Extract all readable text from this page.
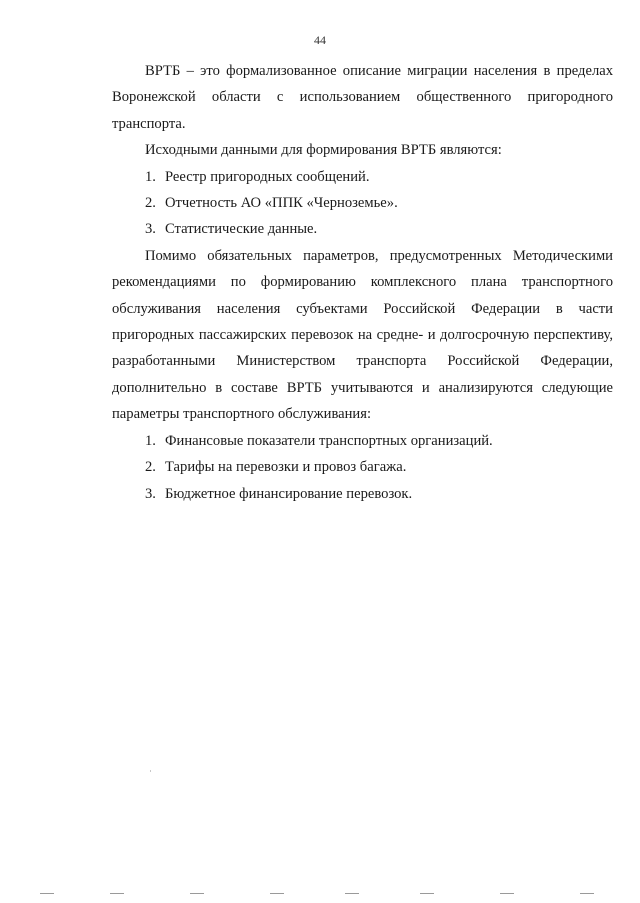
44

ВРТБ – это формализованное описание миграции населения в пределах Воронежской области с использованием общественного пригородного транспорта.

Исходными данными для формирования ВРТБ являются:

1. Реестр пригородных сообщений.
2. Отчетность АО «ППК «Черноземье».
3. Статистические данные.

Помимо обязательных параметров, предусмотренных Методическими рекомендациями по формированию комплексного плана транспортного обслуживания населения субъектами Российской Федерации в части пригородных пассажирских перевозок на средне- и долгосрочную перспективу, разработанными Министерством транспорта Российской Федерации, дополнительно в составе ВРТБ учитываются и анализируются следующие параметры транспортного обслуживания:

1. Финансовые показатели транспортных организаций.
2. Тарифы на перевозки и провоз багажа.
3. Бюджетное финансирование перевозок.
